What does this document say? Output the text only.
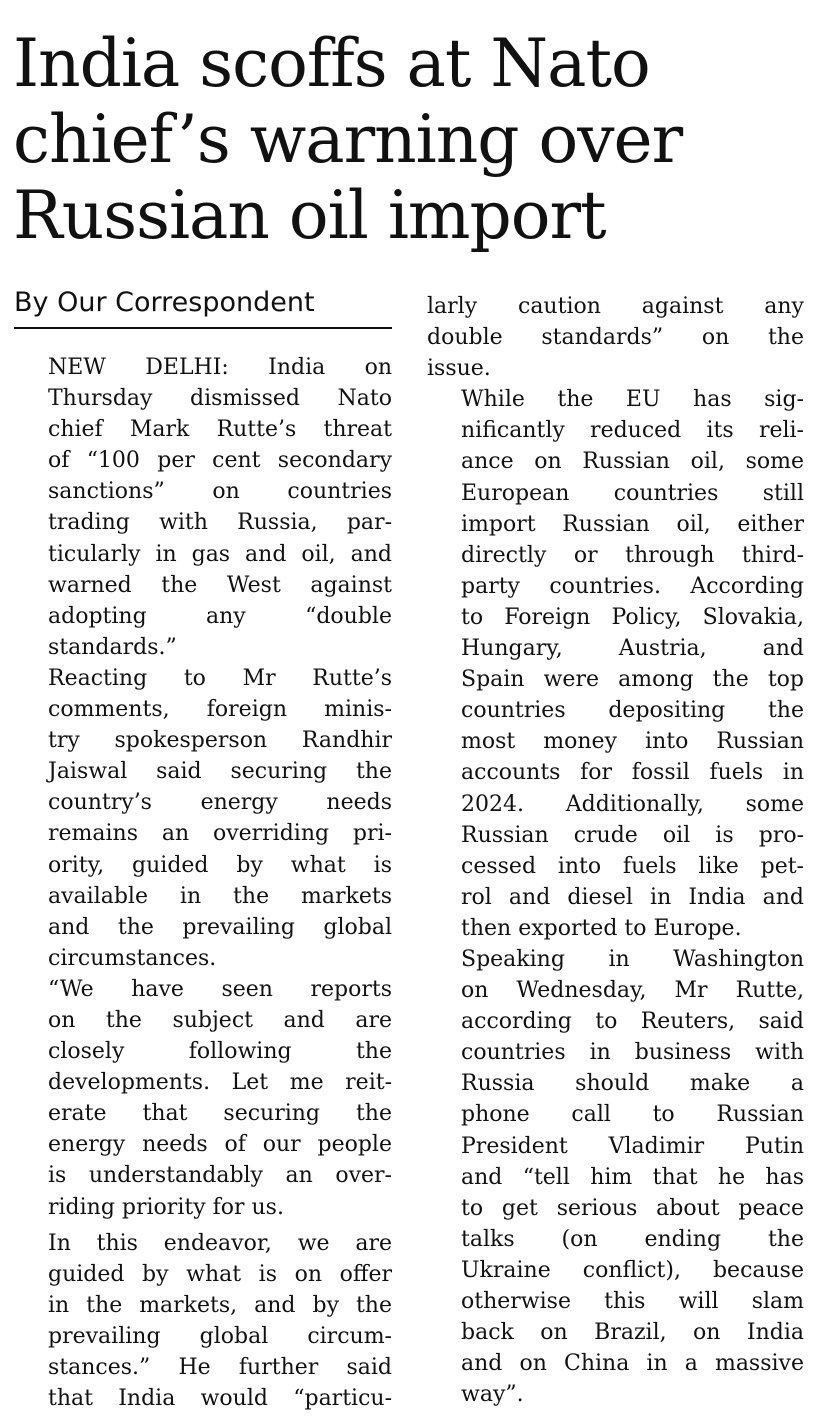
India scoffs at Nato
chief’s warning over
Russian oil import
By Our Correspondent

NEW DELHI: India on
Thursday dismissed Nato
chief Mark Rutte’s threat
of “100 per cent secondary
sanctions” on countries
trading with Russia, par-
ticularly in gas and oil, and
warned the West against
adopting any “double
standards.”

Reacting to Mr Rutte’s
comments, foreign minis-
try spokesperson Randhir
Jaiswal said securing the
country’s energy needs
remains an overriding pri-
ority, guided by what is
available in the markets
and the prevailing global
circumstances.

“We have seen reports
on the subject and are
closely following the
developments. Let me reit-
erate that securing the
energy needs of our people
is understandably an over-
riding priority for us.

In this endeavor, we are
guided by what is on offer
in the markets, and by the
prevailing global circum-
stances.” He further said
that India would “particu-

larly caution against any
double standards” on the
issue.

While the EU has sig-
nificantly reduced its reli-
ance on Russian oil, some
European countries still
import Russian oil, either
directly or through third-
party countries. According
to Foreign Policy, Slovakia,
Hungary, Austria, and
Spain were among the top
countries depositing the
most money into Russian
accounts for fossil fuels in
2024. Additionally, some
Russian crude oil is pro-
cessed into fuels like pet-
rol and diesel in India and
then exported to Europe.

Speaking in Washington
on Wednesday, Mr Rutte,
according to Reuters, said
countries in business with
Russia should make a
phone call to Russian
President Vladimir Putin
and “tell him that he has
to get serious about peace
talks (on ending the
Ukraine conflict), because
otherwise this will slam
back on Brazil, on India
and on China in a massive
way”.
